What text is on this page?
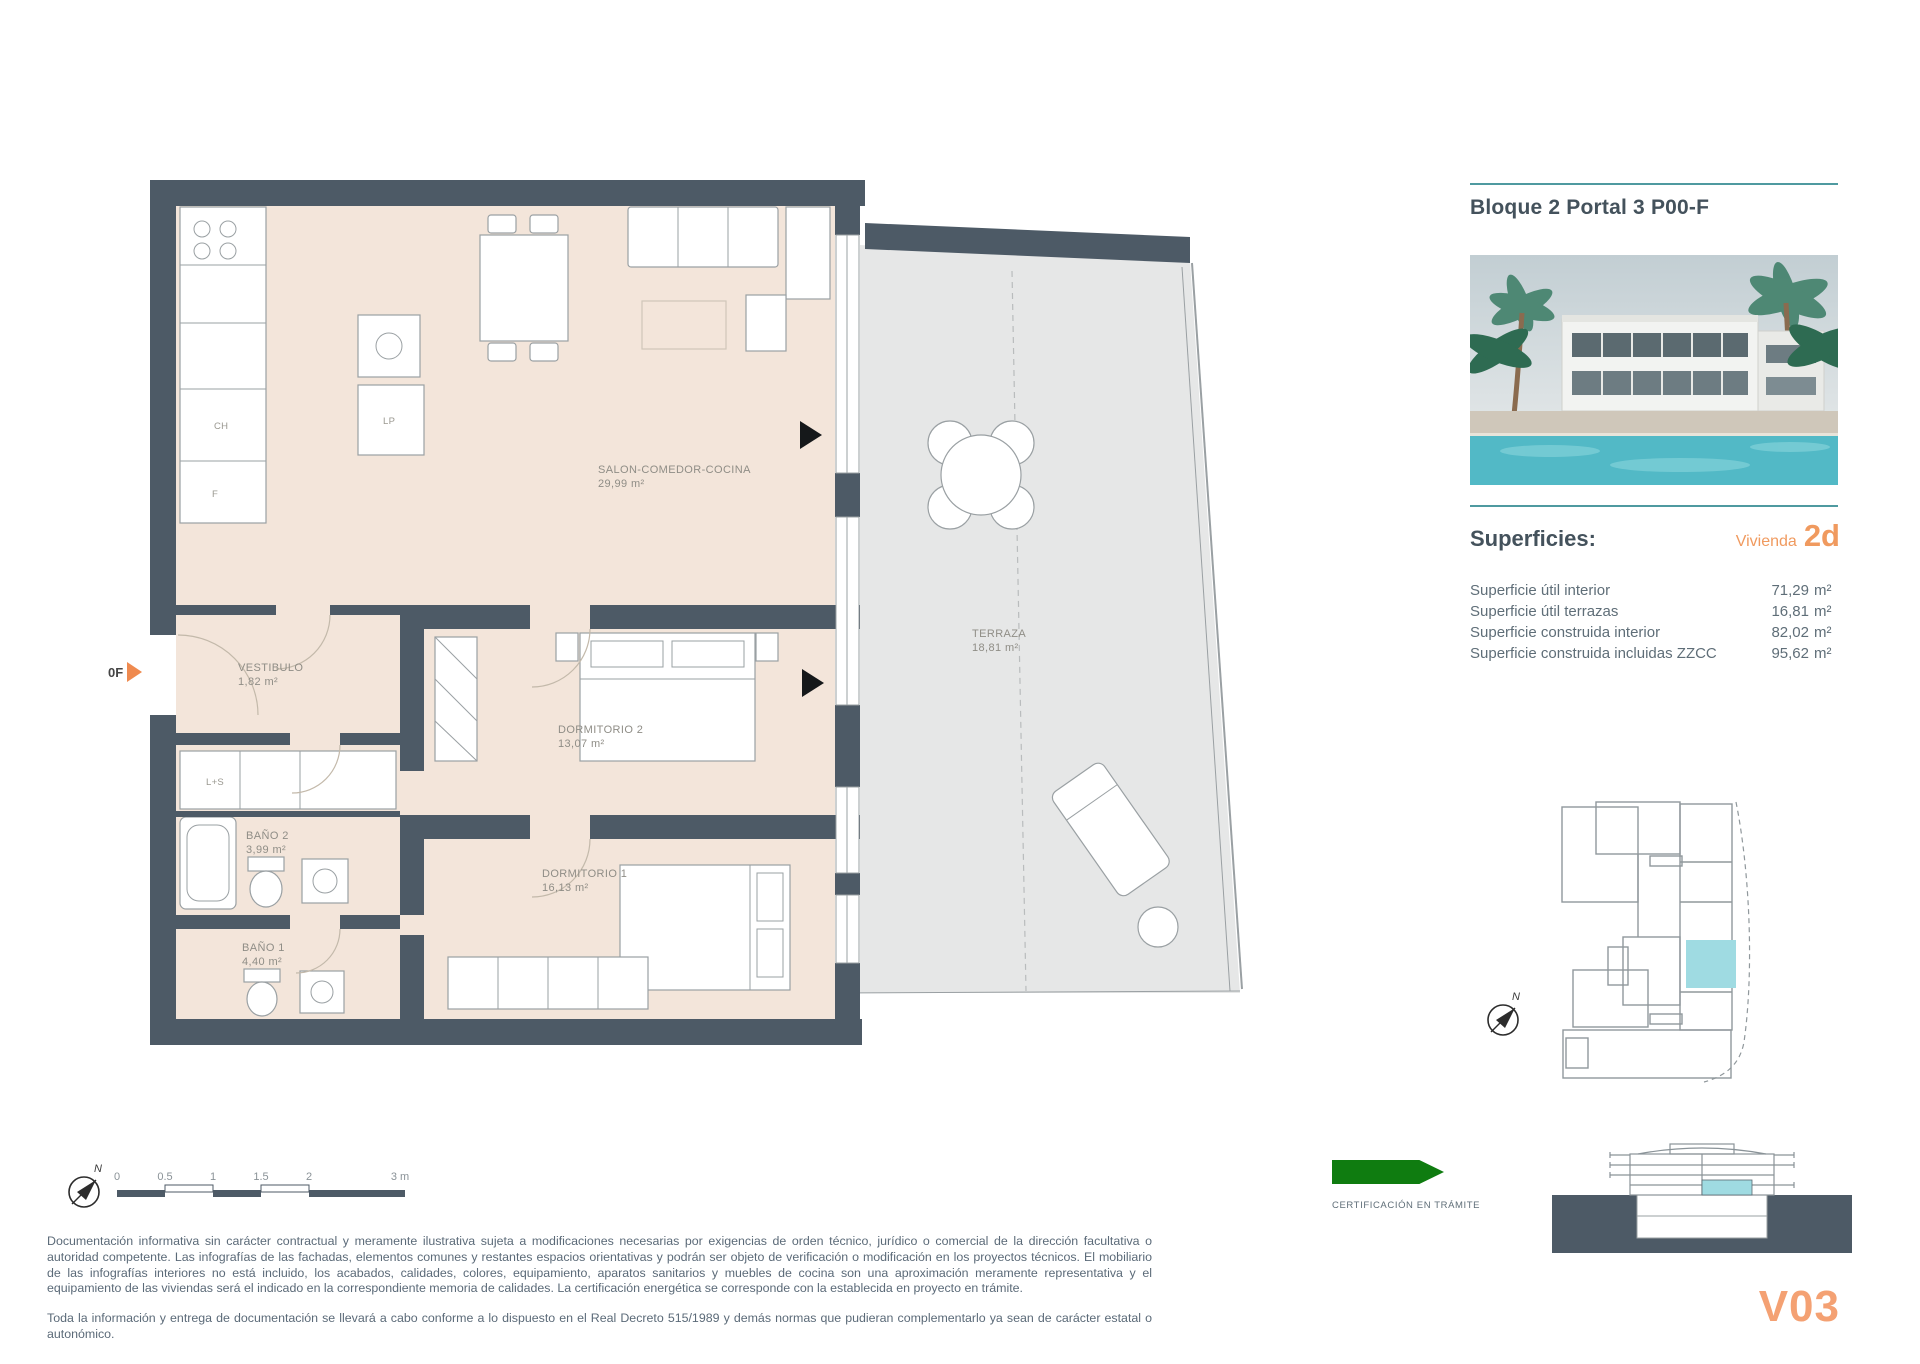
SALON-COMEDOR-COCINA
29,99 m²
VESTIBULO
1,82 m²
DORMITORIO 2
13,07 m²
BAÑO 2
3,99 m²
DORMITORIO 1
16,13 m²
BAÑO 1
4,40 m²
TERRAZA
18,81 m²
CH
F
LP
L+S
0F
Bloque 2 Portal 3 P00-F
Superficies:	Vivienda 2d
Superficie útil interior	71,29 m²
Superficie útil terrazas	16,81 m²
Superficie construida interior	82,02 m²
Superficie construida incluidas ZZCC	95,62 m²
N
V03
N
0	0.5	1	1.5	2	3 m
CERTIFICACIÓN EN TRÁMITE

Documentación informativa sin carácter contractual y meramente ilustrativa sujeta a modificaciones necesarias por exigencias de orden técnico, jurídico o comercial de la dirección facultativa o autoridad competente. Las infografías de las fachadas, elementos comunes y restantes espacios orientativas y podrán ser objeto de verificación o modificación en los proyectos técnicos. El mobiliario de las infografías interiores no está incluido, los acabados, calidades, colores, equipamiento, aparatos sanitarios y muebles de cocina son una aproximación meramente representativa y el equipamiento de las viviendas será el indicado en la correspondiente memoria de calidades. La certificación energética se corresponde con la establecida en proyecto en trámite.

Toda la información y entrega de documentación se llevará a cabo conforme a lo dispuesto en el Real Decreto 515/1989 y demás normas que pudieran complementarlo ya sean de carácter estatal o autonómico.
